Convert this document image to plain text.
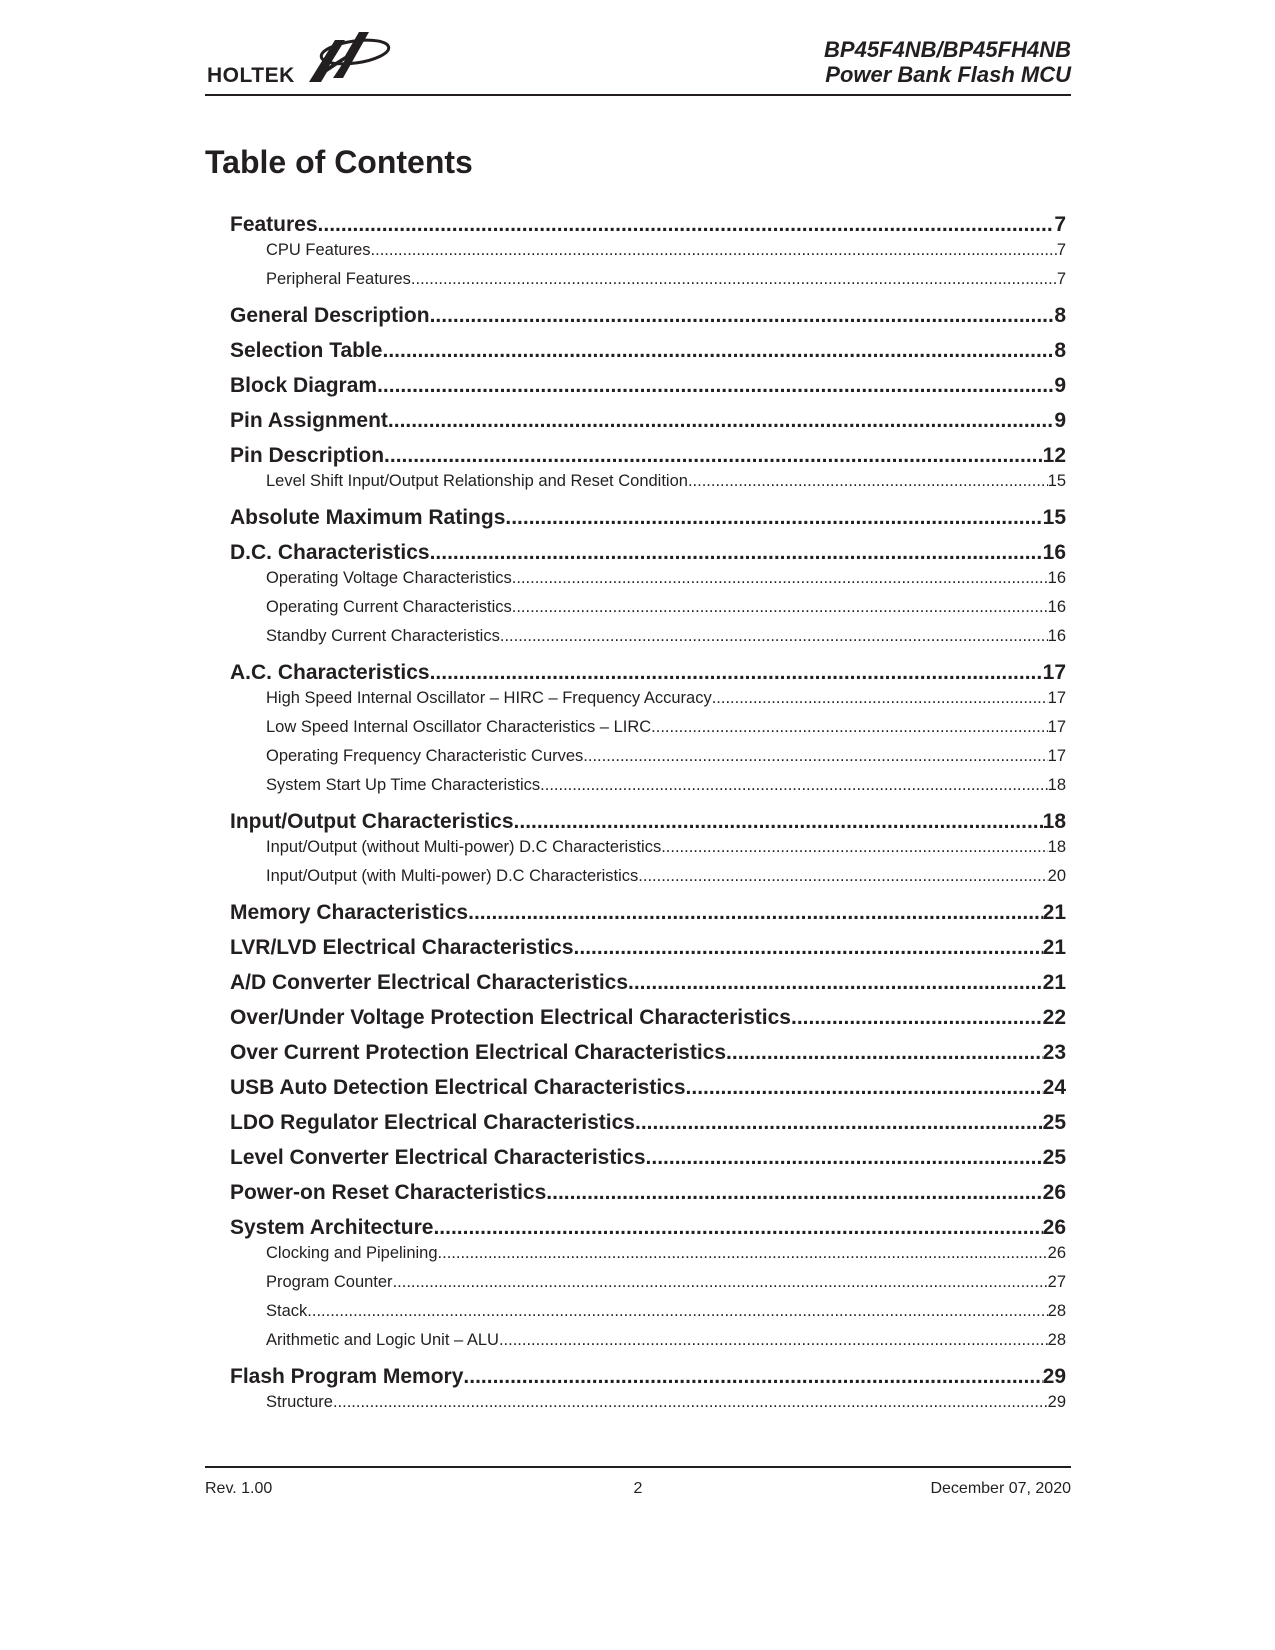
HOLTEK
BP45F4NB/BP45FH4NB
Power Bank Flash MCU
Table of Contents
Features .....	7
CPU Features .....	7
Peripheral Features .....	7
General Description .....	8
Selection Table .....	8
Block Diagram .....	9
Pin Assignment .....	9
Pin Description .....	12
Level Shift Input/Output Relationship and Reset Condition .....	15
Absolute Maximum Ratings .....	15
D.C. Characteristics .....	16
Operating Voltage Characteristics .....	16
Operating Current Characteristics .....	16
Standby Current Characteristics .....	16
A.C. Characteristics .....	17
High Speed Internal Oscillator – HIRC – Frequency Accuracy .....	17
Low Speed Internal Oscillator Characteristics – LIRC .....	17
Operating Frequency Characteristic Curves .....	17
System Start Up Time Characteristics .....	18
Input/Output Characteristics .....	18
Input/Output (without Multi-power) D.C Characteristics .....	18
Input/Output (with Multi-power) D.C Characteristics .....	20
Memory Characteristics .....	21
LVR/LVD Electrical Characteristics .....	21
A/D Converter Electrical Characteristics .....	21
Over/Under Voltage Protection Electrical Characteristics .....	22
Over Current Protection Electrical Characteristics .....	23
USB Auto Detection Electrical Characteristics .....	24
LDO Regulator Electrical Characteristics .....	25
Level Converter Electrical Characteristics .....	25
Power-on Reset Characteristics .....	26
System Architecture .....	26
Clocking and Pipelining .....	26
Program Counter .....	27
Stack .....	28
Arithmetic and Logic Unit – ALU .....	28
Flash Program Memory .....	29
Structure .....	29
Rev. 1.00	2	December 07, 2020
